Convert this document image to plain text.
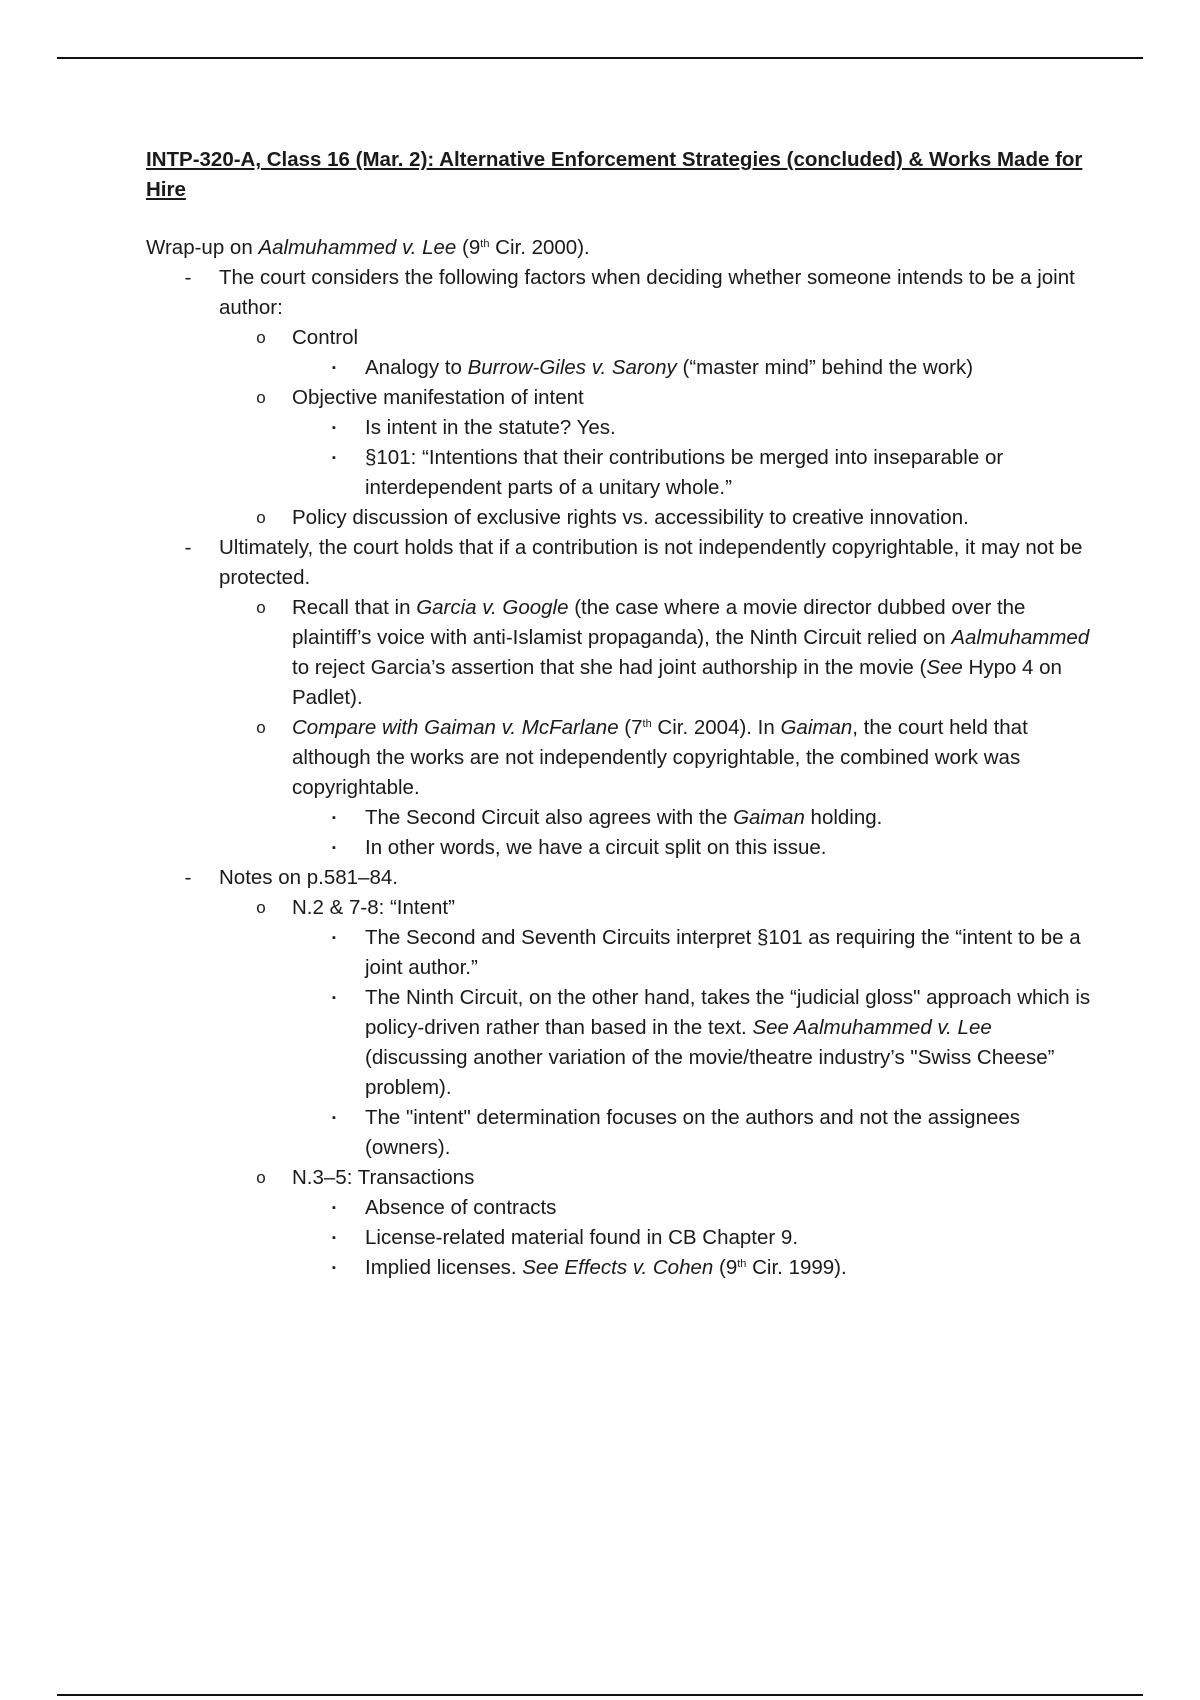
INTP-320-A, Class 16 (Mar. 2): Alternative Enforcement Strategies (concluded) & Works Made for Hire

Wrap-up on Aalmuhammed v. Lee (9th Cir. 2000).

-	The court considers the following factors when deciding whether someone intends to be a joint author:
o Control
▪	Analogy to Burrow-Giles v. Sarony (“master mind” behind the work)
o Objective manifestation of intent
▪	Is intent in the statute? Yes.
▪	§101: “Intentions that their contributions be merged into inseparable or interdependent parts of a unitary whole.”
o Policy discussion of exclusive rights vs. accessibility to creative innovation.
-	Ultimately, the court holds that if a contribution is not independently copyrightable, it may not be protected.
o Recall that in Garcia v. Google (the case where a movie director dubbed over the plaintiff’s voice with anti-Islamist propaganda), the Ninth Circuit relied on Aalmuhammed to reject Garcia’s assertion that she had joint authorship in the movie (See Hypo 4 on Padlet).
o Compare with Gaiman v. McFarlane (7th Cir. 2004). In Gaiman, the court held that although the works are not independently copyrightable, the combined work was copyrightable.
▪	The Second Circuit also agrees with the Gaiman holding.
▪	In other words, we have a circuit split on this issue.
-	Notes on p.581–84.
o N.2 & 7-8: “Intent”
▪	The Second and Seventh Circuits interpret §101 as requiring the “intent to be a joint author.”
▪	The Ninth Circuit, on the other hand, takes the “judicial gloss" approach which is policy-driven rather than based in the text. See Aalmuhammed v. Lee (discussing another variation of the movie/theatre industry’s "Swiss Cheese” problem).
▪	The "intent" determination focuses on the authors and not the assignees (owners).
o N.3–5: Transactions
▪	Absence of contracts
▪	License-related material found in CB Chapter 9.
▪	Implied licenses. See Effects v. Cohen (9th Cir. 1999).
